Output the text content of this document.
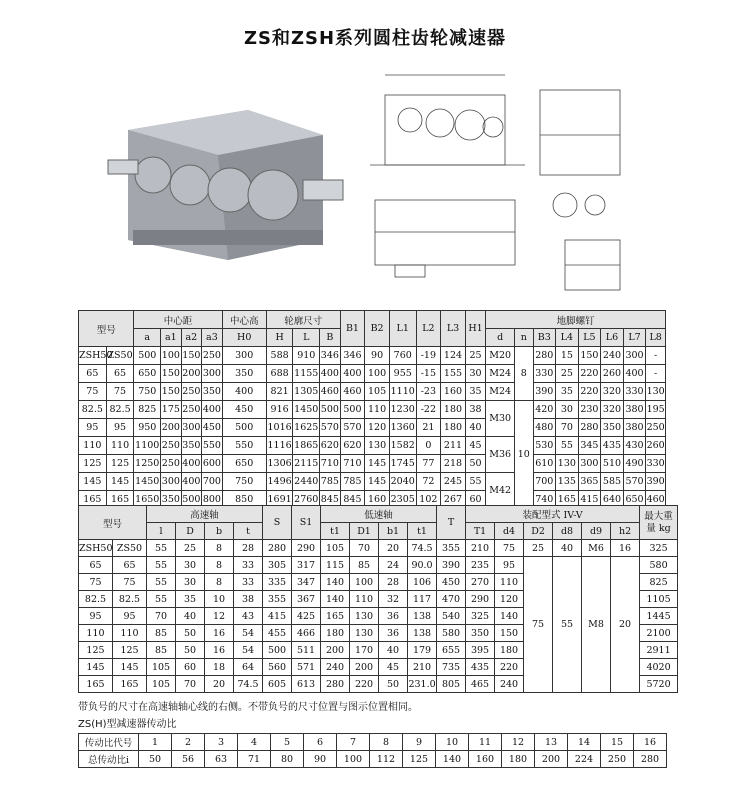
ZS和ZSH系列圆柱齿轮减速器
型号		中心距				中心高	轮廓尺寸			B1	B2	L1	L2	L3	H1	地脚螺钉							
		a	a1	a2	a3	H0	H	L	B							d	n	B3	L4	L5	L6	L7	L8
ZSH50	ZS50	500	100	150	250	300	588	910	346	346	90	760	-19	124	25	M20	8	280	15	150	240	300	-
65	65	650	150	200	300	350	688	1155	400	400	100	955	-15	155	30	M24		330	25	220	260	400	-
75	75	750	150	250	350	400	821	1305	460	460	105	1110	-23	160	35	M24		390	35	220	320	330	130
82.5	82.5	825	175	250	400	450	916	1450	500	500	110	1230	-22	180	38	M30	10	420	30	230	320	380	195
95	95	950	200	300	450	500	1016	1625	570	570	120	1360	21	180	40			480	70	280	350	380	250
110	110	1100	250	350	550	550	1116	1865	620	620	130	1582	0	211	45	M36		530	55	345	435	430	260
125	125	1250	250	400	600	650	1306	2115	710	710	145	1745	77	218	50			610	130	300	510	490	330
145	145	1450	300	400	700	750	1496	2440	785	785	145	2040	72	245	55	M42		700	135	365	585	570	390
165	165	1650	350	500	800	850	1691	2760	845	845	160	2305	102	267	60			740	165	415	640	650	460
型号		高速轴				S	S1	低速轴				T	装配型式 IV-V						最大重量 kg
		l	D	b	t			t1	D1	b1	t1		T1	d4	D2	d8	d9	h2	
ZSH50	ZS50	55	25	8	28	280	290	105	70	20	74.5	355	210	75	25	40	M6	16	325
65	65	55	30	8	33	305	317	115	85	24	90.0	390	235	95	75	55	M8	20	580
75	75	55	30	8	33	335	347	140	100	28	106	450	270	110					825
82.5	82.5	55	35	10	38	355	367	140	110	32	117	470	290	120					1105
95	95	70	40	12	43	415	425	165	130	36	138	540	325	140					1445
110	110	85	50	16	54	455	466	180	130	36	138	580	350	150					2100
125	125	85	50	16	54	500	511	200	170	40	179	655	395	180					2911
145	145	105	60	18	64	560	571	240	200	45	210	735	435	220					4020
165	165	105	70	20	74.5	605	613	280	220	50	231.0	805	465	240					5720
带负号的尺寸在高速轴轴心线的右侧。不带负号的尺寸位置与图示位置相同。
ZS(H)型减速器传动比
传动比代号	1	2	3	4	5	6	7	8	9	10	11	12	13	14	15	16
总传动比i	50	56	63	71	80	90	100	112	125	140	160	180	200	224	250	280
